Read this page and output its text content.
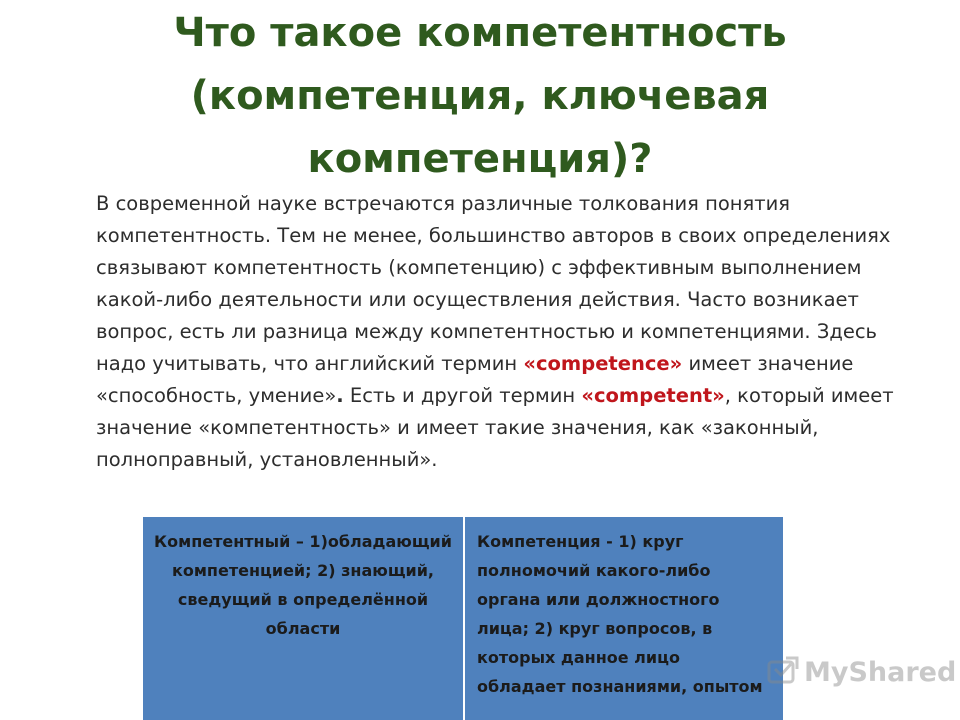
Что такое компетентность
(компетенция, ключевая
компетенция)?

В современной науке встречаются различные толкования понятия компетентность. Тем не менее, большинство авторов в своих определениях связывают компетентность (компетенцию) с эффективным выполнением какой-либо деятельности или осуществления действия. Часто возникает вопрос, есть ли разница между компетентностью и компетенциями. Здесь надо учитывать, что английский термин «competence» имеет значение «способность, умение». Есть и другой термин «competent», который имеет значение «компетентность» и имеет такие значения, как «законный, полноправный, установленный».

Компетентный – 1)обладающий компетенцией; 2) знающий, сведущий в определённой области
Компетенция - 1) круг полномочий какого-либо органа или должностного лица; 2) круг вопросов, в которых данное лицо обладает познаниями, опытом	MyShared
